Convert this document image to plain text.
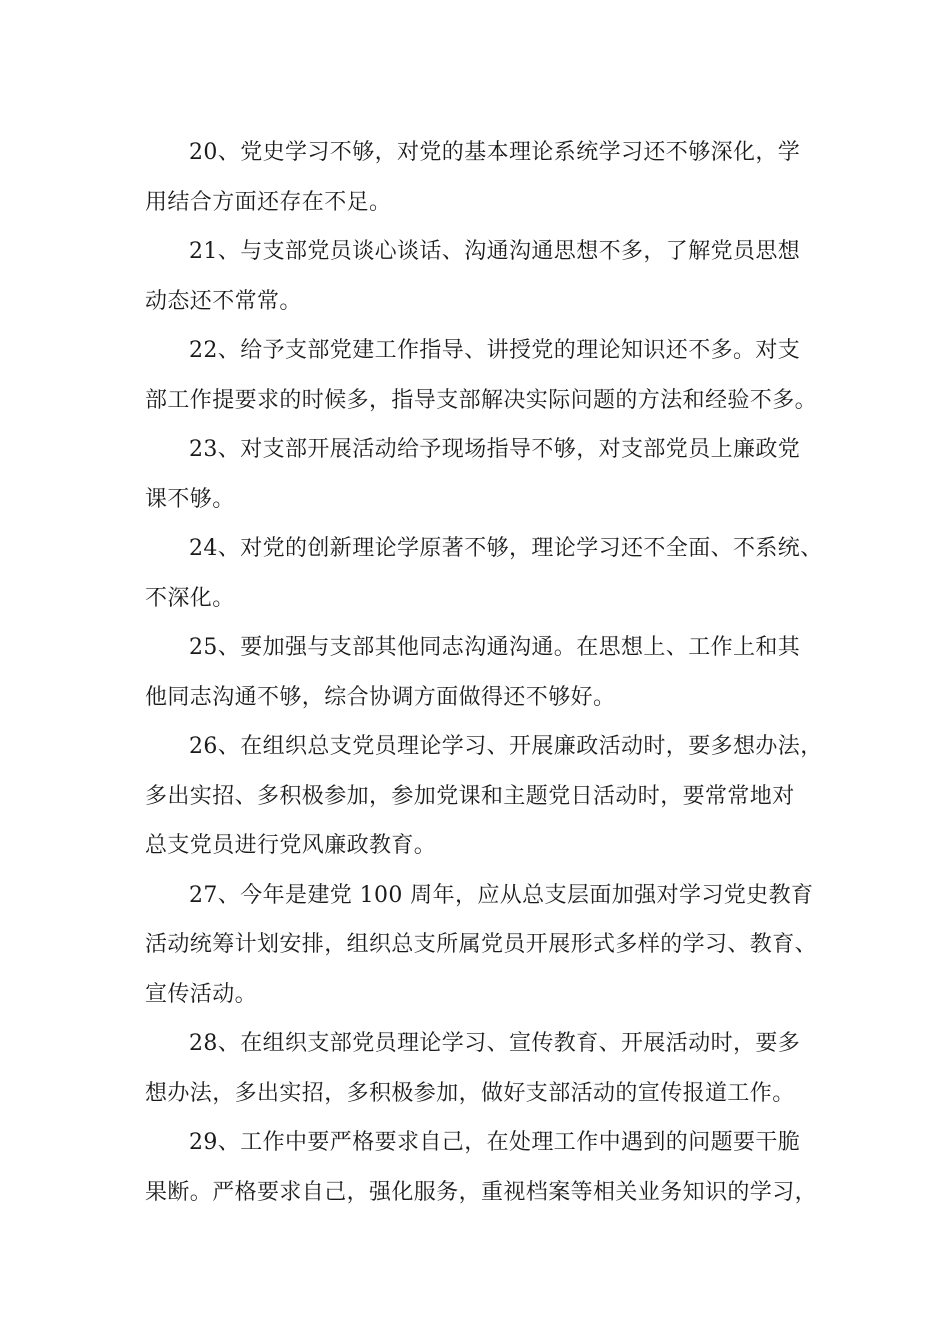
20、党史学习不够，对党的基本理论系统学习还不够深化，学
用结合方面还存在不足。
21、与支部党员谈心谈话、沟通沟通思想不多，了解党员思想
动态还不常常。
22、给予支部党建工作指导、讲授党的理论知识还不多。对支
部工作提要求的时候多，指导支部解决实际问题的方法和经验不多。
23、对支部开展活动给予现场指导不够，对支部党员上廉政党
课不够。
24、对党的创新理论学原著不够，理论学习还不全面、不系统、
不深化。
25、要加强与支部其他同志沟通沟通。在思想上、工作上和其
他同志沟通不够，综合协调方面做得还不够好。
26、在组织总支党员理论学习、开展廉政活动时，要多想办法，
多出实招、多积极参加，参加党课和主题党日活动时，要常常地对
总支党员进行党风廉政教育。
27、今年是建党 100 周年，应从总支层面加强对学习党史教育
活动统筹计划安排，组织总支所属党员开展形式多样的学习、教育、
宣传活动。
28、在组织支部党员理论学习、宣传教育、开展活动时，要多
想办法，多出实招，多积极参加，做好支部活动的宣传报道工作。
29、工作中要严格要求自己，在处理工作中遇到的问题要干脆
果断。严格要求自己，强化服务，重视档案等相关业务知识的学习，
